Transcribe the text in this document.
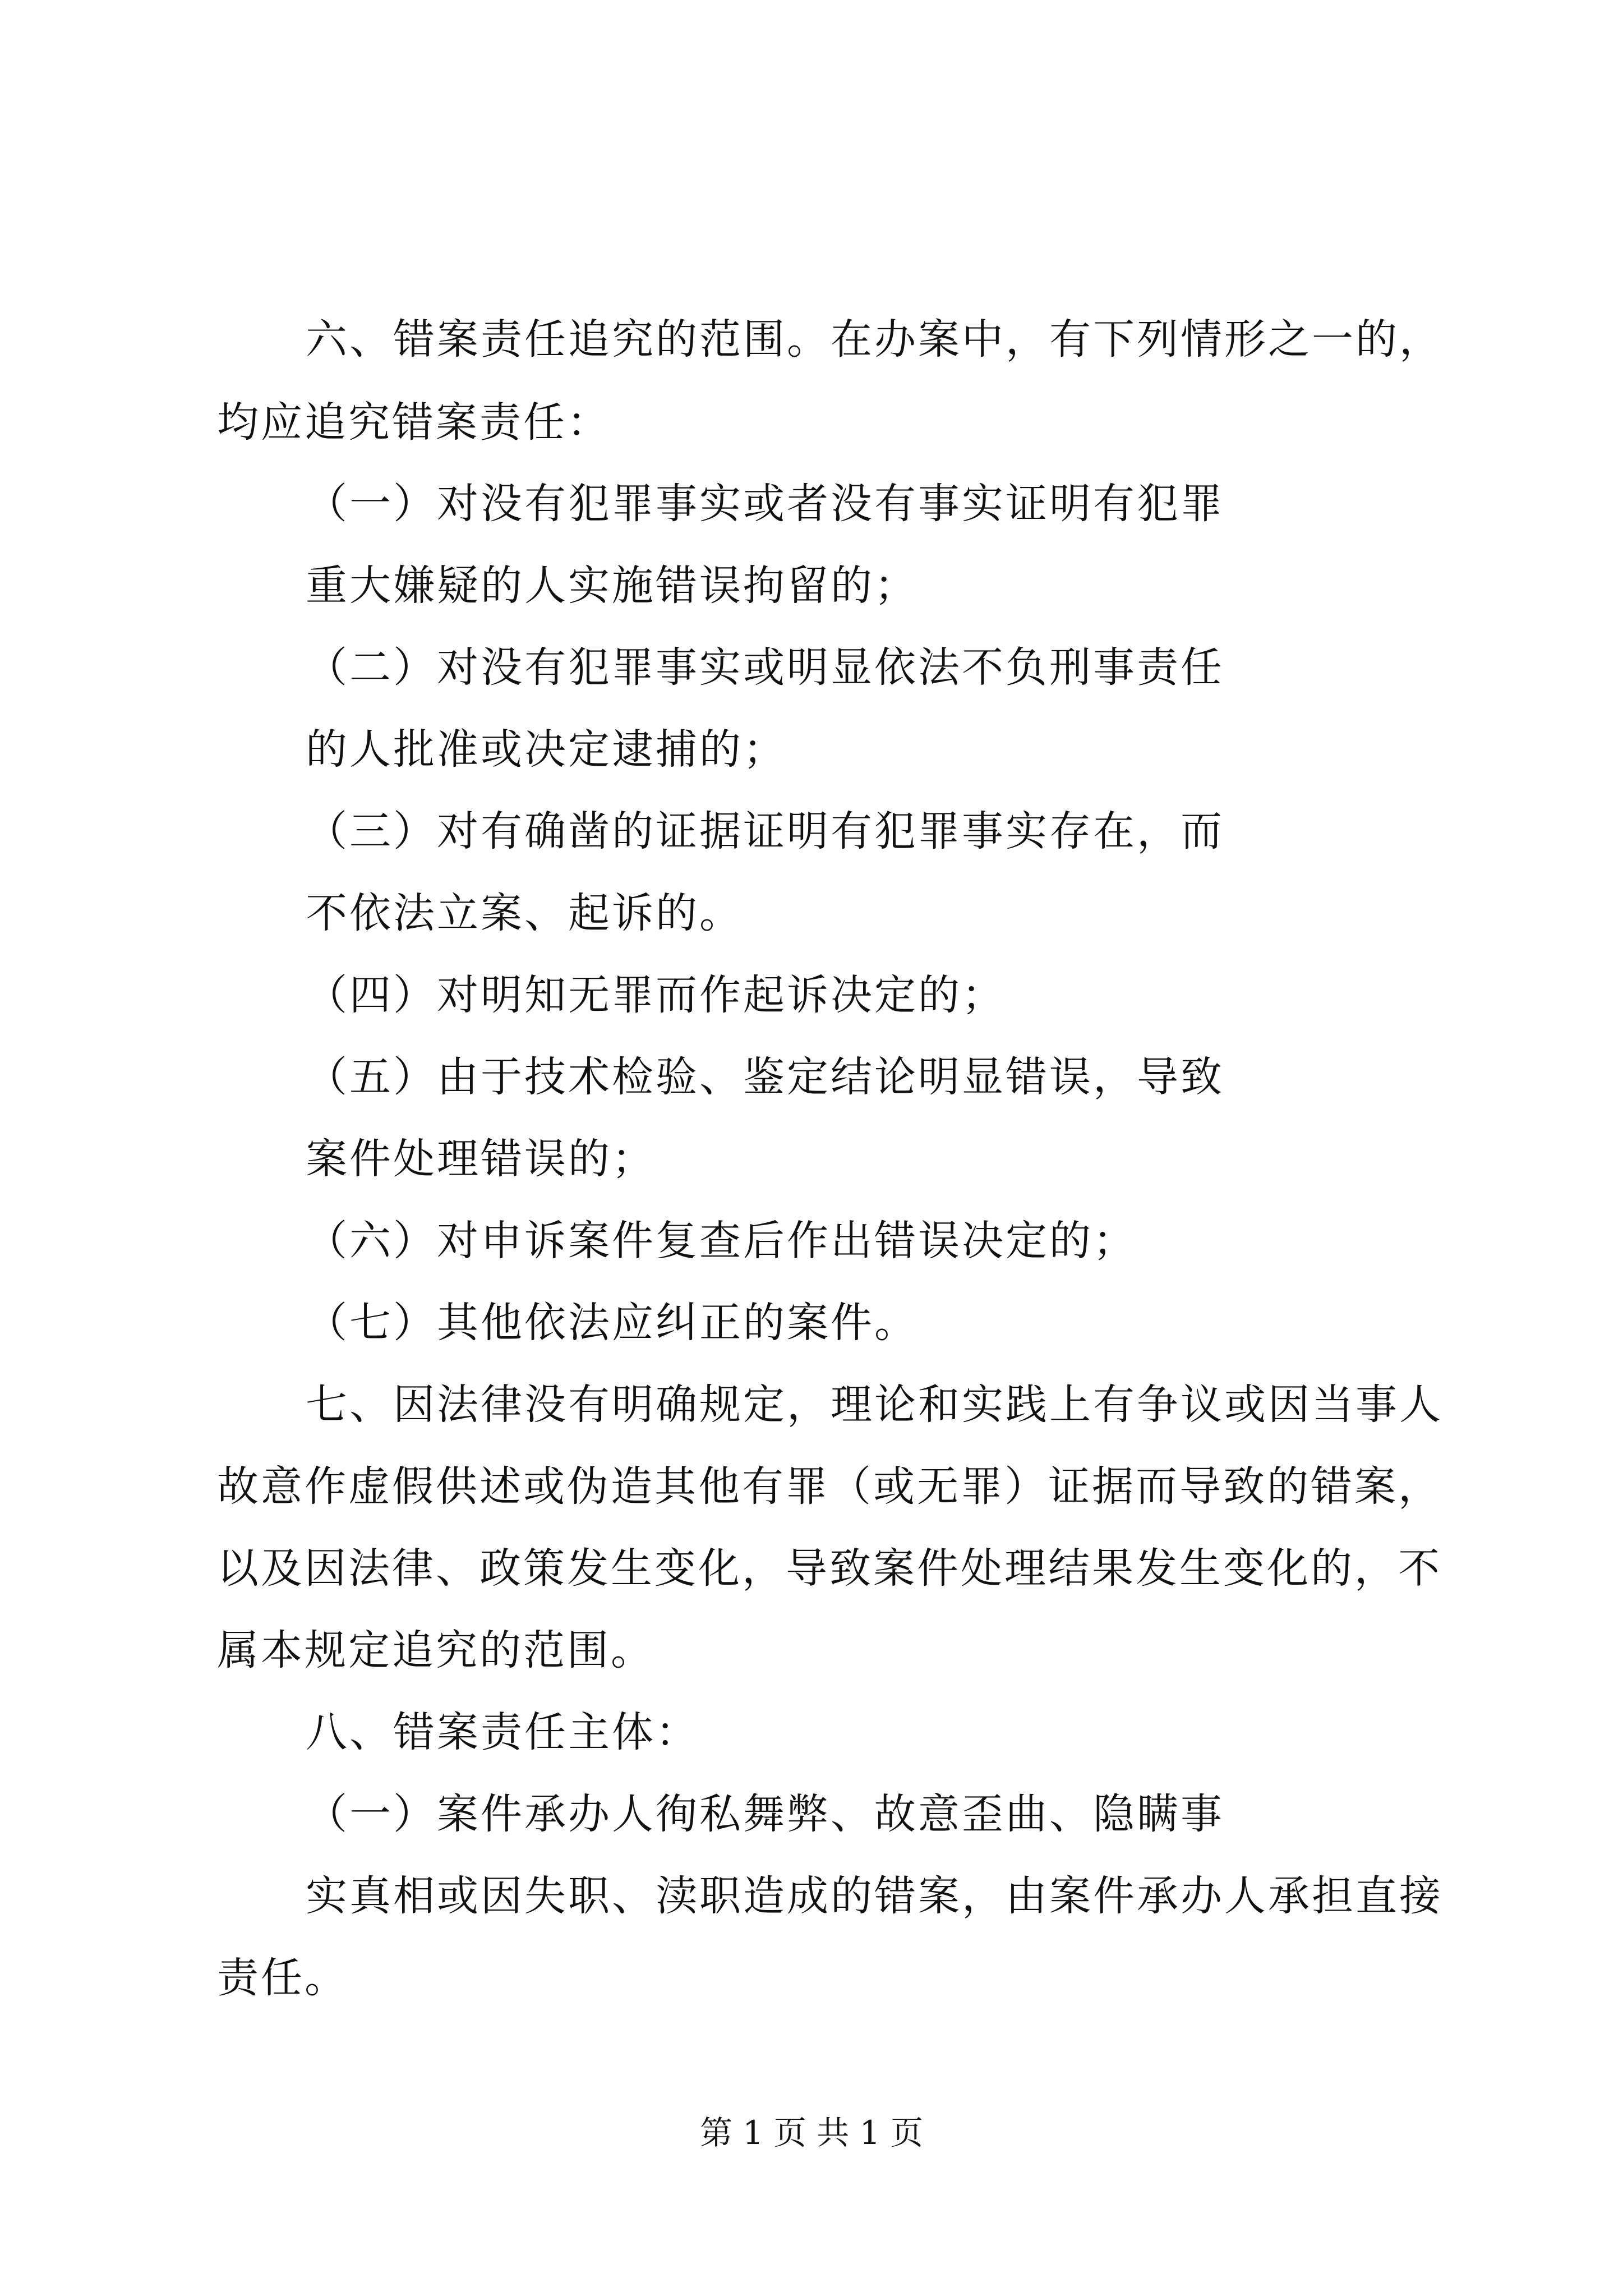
六、错案责任追究的范围。在办案中，有下列情形之一的，
均应追究错案责任：
（一）对没有犯罪事实或者没有事实证明有犯罪
重大嫌疑的人实施错误拘留的；
（二）对没有犯罪事实或明显依法不负刑事责任
的人批准或决定逮捕的；
（三）对有确凿的证据证明有犯罪事实存在，而
不依法立案、起诉的。
（四）对明知无罪而作起诉决定的；
（五）由于技术检验、鉴定结论明显错误，导致
案件处理错误的；
（六）对申诉案件复查后作出错误决定的；
（七）其他依法应纠正的案件。
七、因法律没有明确规定，理论和实践上有争议或因当事人
故意作虚假供述或伪造其他有罪（或无罪）证据而导致的错案，
以及因法律、政策发生变化，导致案件处理结果发生变化的，不
属本规定追究的范围。
八、错案责任主体：
（一）案件承办人徇私舞弊、故意歪曲、隐瞒事
实真相或因失职、渎职造成的错案，由案件承办人承担直接
责任。
第 1 页 共 1 页
